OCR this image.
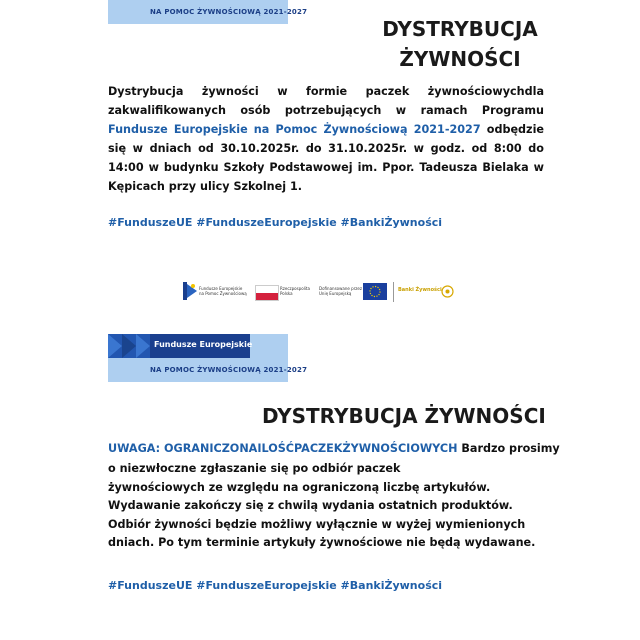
NA POMOC ŻYWNOŚCIOWĄ 2021-2027
DYSTRYBUCJA
ŻYWNOŚCI
Dystrybucja żywności w formie paczek żywnościowychdla zakwalifikowanych osób potrzebujących w ramach Programu Fundusze Europejskie na Pomoc Żywnościową 2021-2027 odbędzie się w dniach od 30.10.2025r. do 31.10.2025r. w godz. od 8:00 do 14:00 w budynku Szkoły Podstawowej im. Ppor. Tadeusza Bielaka w Kępicach przy ulicy Szkolnej 1.
#FunduszeUE #FunduszeEuropejskie #BankiŻywności
Fundusze Europejskie
na Pomoc Żywnościową
Rzeczpospolita
Polska
Dofinansowane przez
Unię Europejską
Banki Żywności
Fundusze Europejskie
NA POMOC ŻYWNOŚCIOWĄ 2021-2027
DYSTRYBUCJA ŻYWNOŚCI
UWAGA: OGRANICZONAILOŚĆPACZEKŻYWNOŚCIOWYCH Bardzo prosimy
o niezwłoczne zgłaszanie się po odbiór paczek
żywnościowych ze względu na ograniczoną liczbę artykułów.
Wydawanie zakończy się z chwilą wydania ostatnich produktów.
Odbiór żywności będzie możliwy wyłącznie w wyżej wymienionych
dniach. Po tym terminie artykuły żywnościowe nie będą wydawane.
#FunduszeUE #FunduszeEuropejskie #BankiŻywności
